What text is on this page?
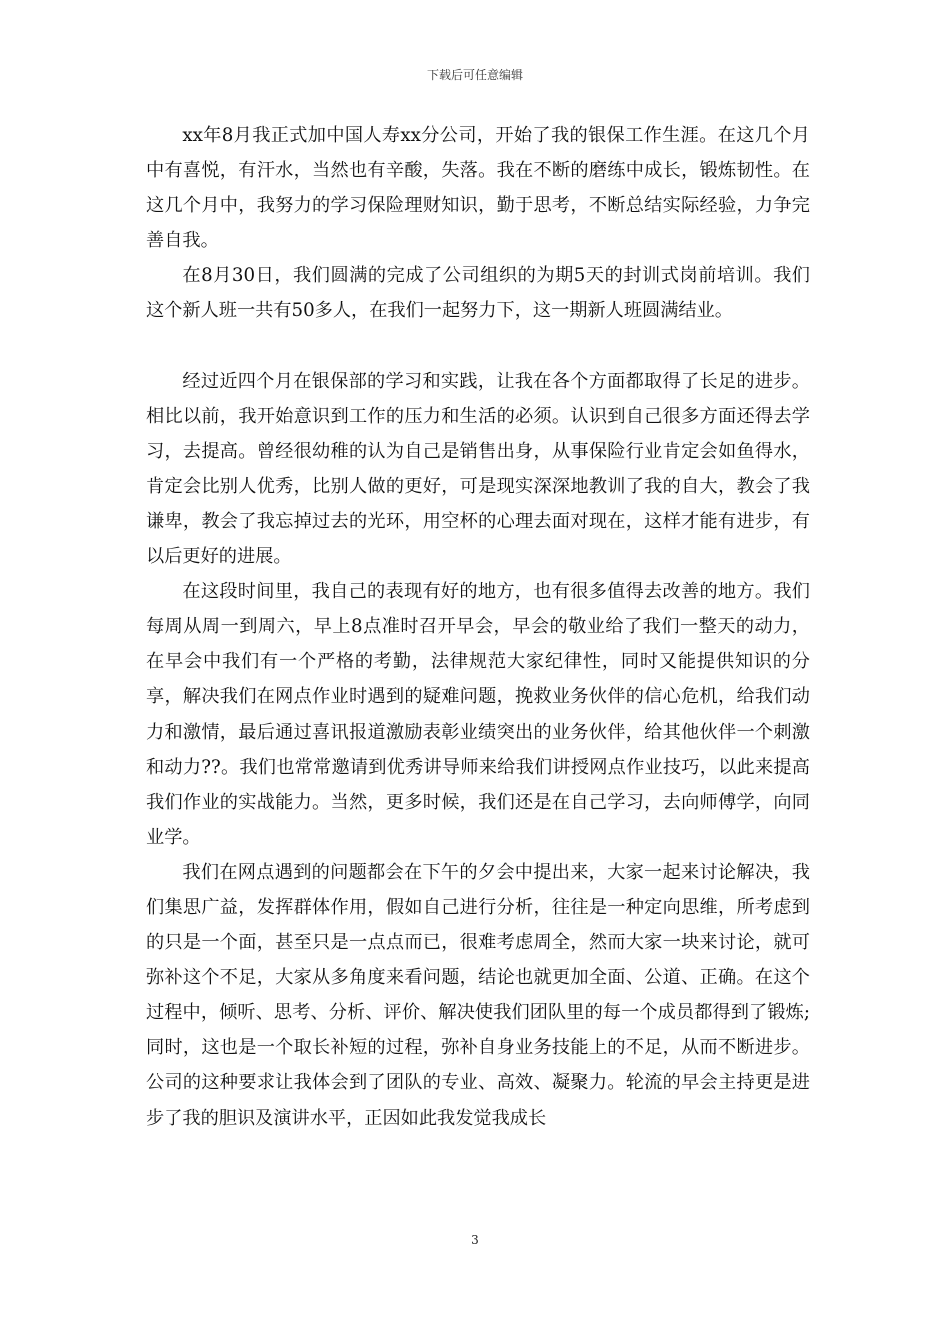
下载后可任意编辑

xx年8月我正式加中国人寿xx分公司，开始了我的银保工作生涯。在这几个月中有喜悦，有汗水，当然也有辛酸，失落。我在不断的磨练中成长，锻炼韧性。在这几个月中，我努力的学习保险理财知识，勤于思考，不断总结实际经验，力争完善自我。

在8月30日，我们圆满的完成了公司组织的为期5天的封训式岗前培训。我们这个新人班一共有50多人，在我们一起努力下，这一期新人班圆满结业。

经过近四个月在银保部的学习和实践，让我在各个方面都取得了长足的进步。相比以前，我开始意识到工作的压力和生活的必须。认识到自己很多方面还得去学习，去提高。曾经很幼稚的认为自己是销售出身，从事保险行业肯定会如鱼得水，肯定会比别人优秀，比别人做的更好，可是现实深深地教训了我的自大，教会了我谦卑，教会了我忘掉过去的光环，用空杯的心理去面对现在，这样才能有进步，有以后更好的进展。

在这段时间里，我自己的表现有好的地方，也有很多值得去改善的地方。我们每周从周一到周六，早上8点准时召开早会，早会的敬业给了我们一整天的动力，在早会中我们有一个严格的考勤，法律规范大家纪律性，同时又能提供知识的分享，解决我们在网点作业时遇到的疑难问题，挽救业务伙伴的信心危机，给我们动力和激情，最后通过喜讯报道激励表彰业绩突出的业务伙伴，给其他伙伴一个刺激和动力??。我们也常常邀请到优秀讲导师来给我们讲授网点作业技巧，以此来提高我们作业的实战能力。当然，更多时候，我们还是在自己学习，去向师傅学，向同业学。

我们在网点遇到的问题都会在下午的夕会中提出来，大家一起来讨论解决，我们集思广益，发挥群体作用，假如自己进行分析，往往是一种定向思维，所考虑到的只是一个面，甚至只是一点点而已，很难考虑周全，然而大家一块来讨论，就可弥补这个不足，大家从多角度来看问题，结论也就更加全面、公道、正确。在这个过程中，倾听、思考、分析、评价、解决使我们团队里的每一个成员都得到了锻炼;同时，这也是一个取长补短的过程，弥补自身业务技能上的不足，从而不断进步。公司的这种要求让我体会到了团队的专业、高效、凝聚力。轮流的早会主持更是进步了我的胆识及演讲水平，正因如此我发觉我成长

3
